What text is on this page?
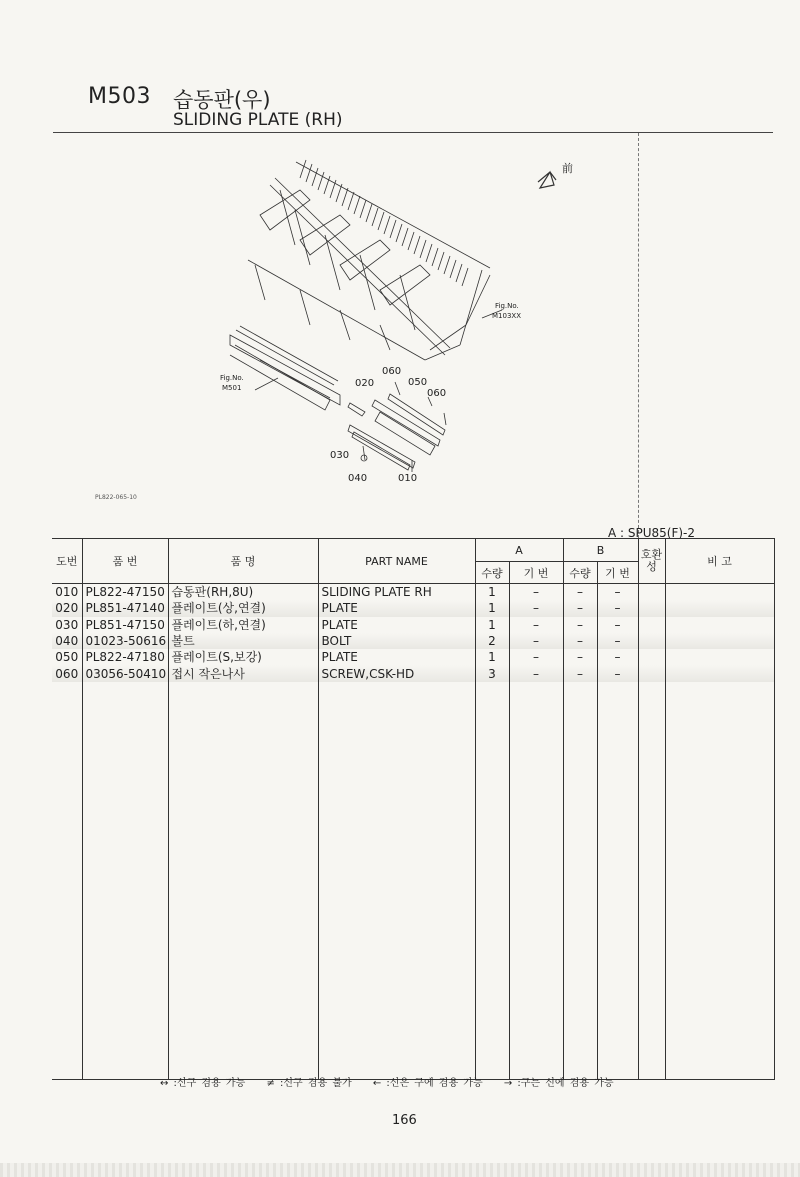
M503 습동판(우)
SLIDING PLATE (RH)
前
Fig.No.
M103XX
Fig.No.
M501
060
020	050
060
030
040	010
PL822-065-10
A : SPU85(F)-2
도번	품 번	품 명	PART NAME	A		B		호환성	비 고
				수량	기 번	수량	기 번		
010	PL822-47150	습동판(RH,8U)	SLIDING PLATE RH	1	–	–	–		
020	PL851-47140	플레이트(상,연결)	PLATE	1	–	–	–		
030	PL851-47150	플레이트(하,연결)	PLATE	1	–	–	–		
040	01023-50616	볼트	BOLT	2	–	–	–		
050	PL822-47180	플레이트(S,보강)	PLATE	1	–	–	–		
060	03056-50410	접시 작은나사	SCREW,CSK-HD	3	–	–	–		

↔ :신구 겸용 가능 ≠ :신구 겸용 불가 ← :신은 구에 겸용 가능 → :구는 신에 겸용 가능
166
